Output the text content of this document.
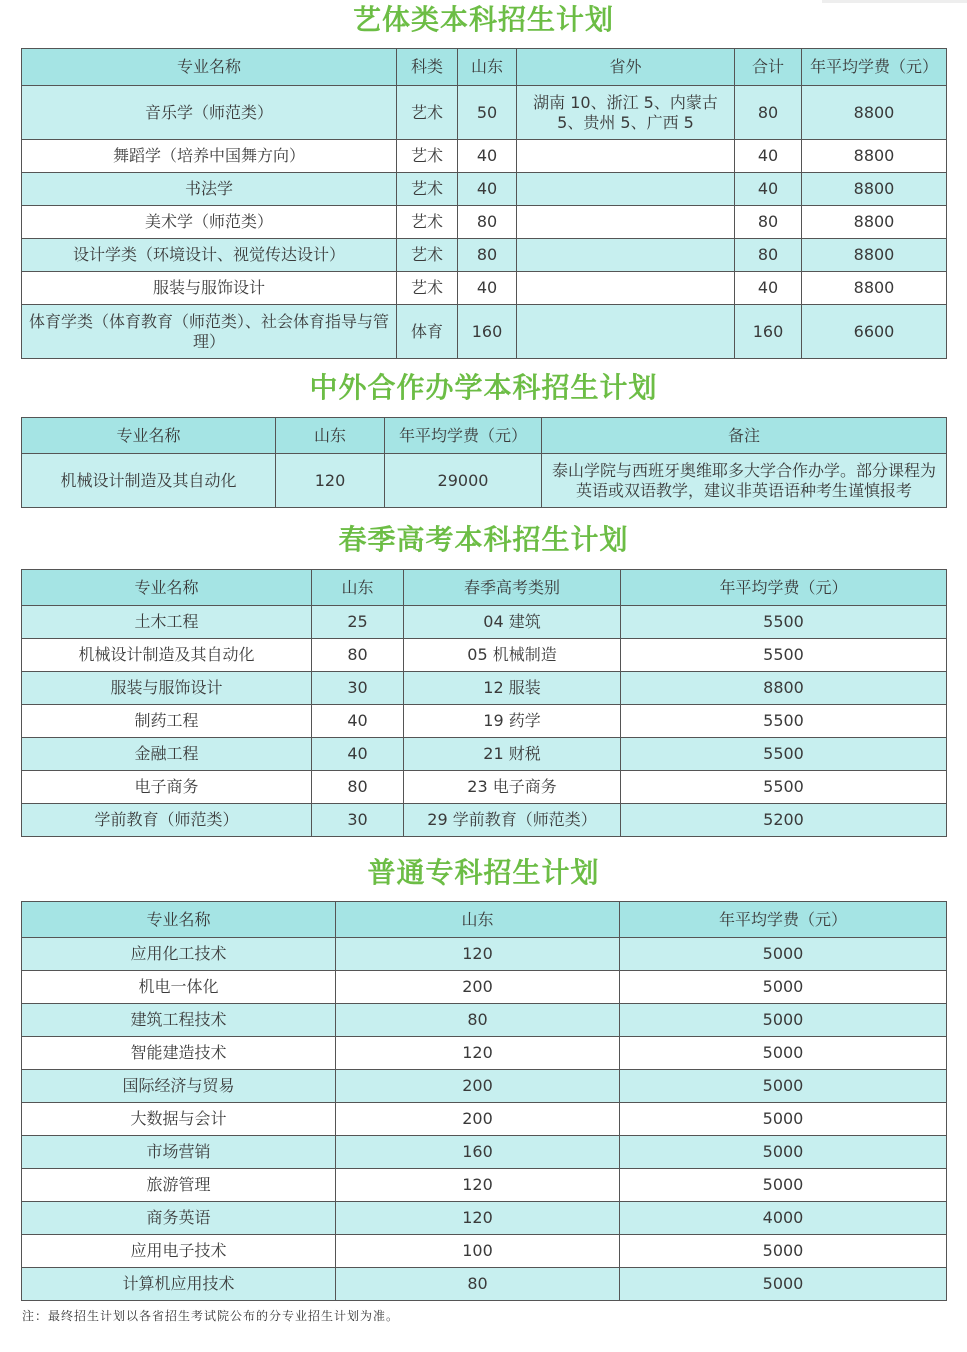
艺体类本科招生计划
专业名称	科类	山东	省外	合计	年平均学费（元）
音乐学（师范类）	艺术	50	湖南 10、浙江 5、内蒙古 5、贵州 5、广西 5	80	8800
舞蹈学（培养中国舞方向）	艺术	40		40	8800
书法学	艺术	40		40	8800
美术学（师范类）	艺术	80		80	8800
设计学类（环境设计、视觉传达设计）	艺术	80		80	8800
服装与服饰设计	艺术	40		40	8800
体育学类（体育教育（师范类）、社会体育指导与管理）	体育	160		160	6600
中外合作办学本科招生计划
专业名称	山东	年平均学费（元）	备注
机械设计制造及其自动化	120	29000	泰山学院与西班牙奥维耶多大学合作办学。部分课程为英语或双语教学，建议非英语语种考生谨慎报考
春季高考本科招生计划
专业名称	山东	春季高考类别	年平均学费（元）
土木工程	25	04 建筑	5500
机械设计制造及其自动化	80	05 机械制造	5500
服装与服饰设计	30	12 服装	8800
制药工程	40	19 药学	5500
金融工程	40	21 财税	5500
电子商务	80	23 电子商务	5500
学前教育（师范类）	30	29 学前教育（师范类）	5200
普通专科招生计划
专业名称	山东	年平均学费（元）
应用化工技术	120	5000
机电一体化	200	5000
建筑工程技术	80	5000
智能建造技术	120	5000
国际经济与贸易	200	5000
大数据与会计	200	5000
市场营销	160	5000
旅游管理	120	5000
商务英语	120	4000
应用电子技术	100	5000
计算机应用技术	80	5000
注：最终招生计划以各省招生考试院公布的分专业招生计划为准。
